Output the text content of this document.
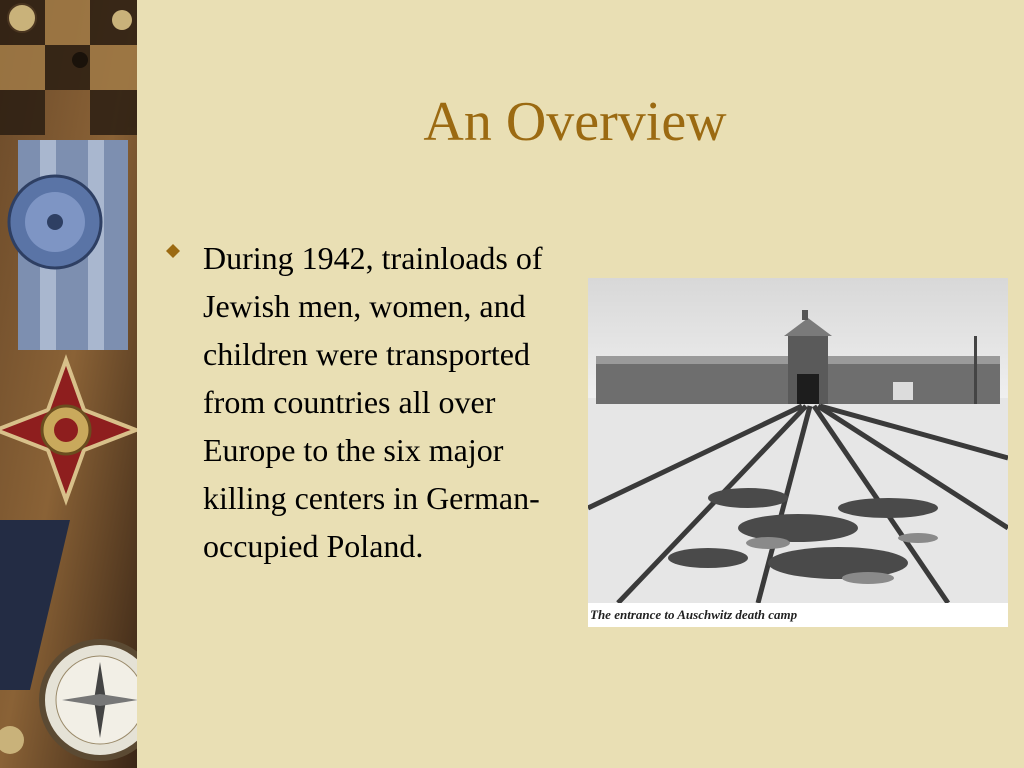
An Overview
During 1942, trainloads of Jewish men, women, and children were transported from countries all over Europe to the six major killing centers in German-occupied Poland.
The entrance to Auschwitz death camp
